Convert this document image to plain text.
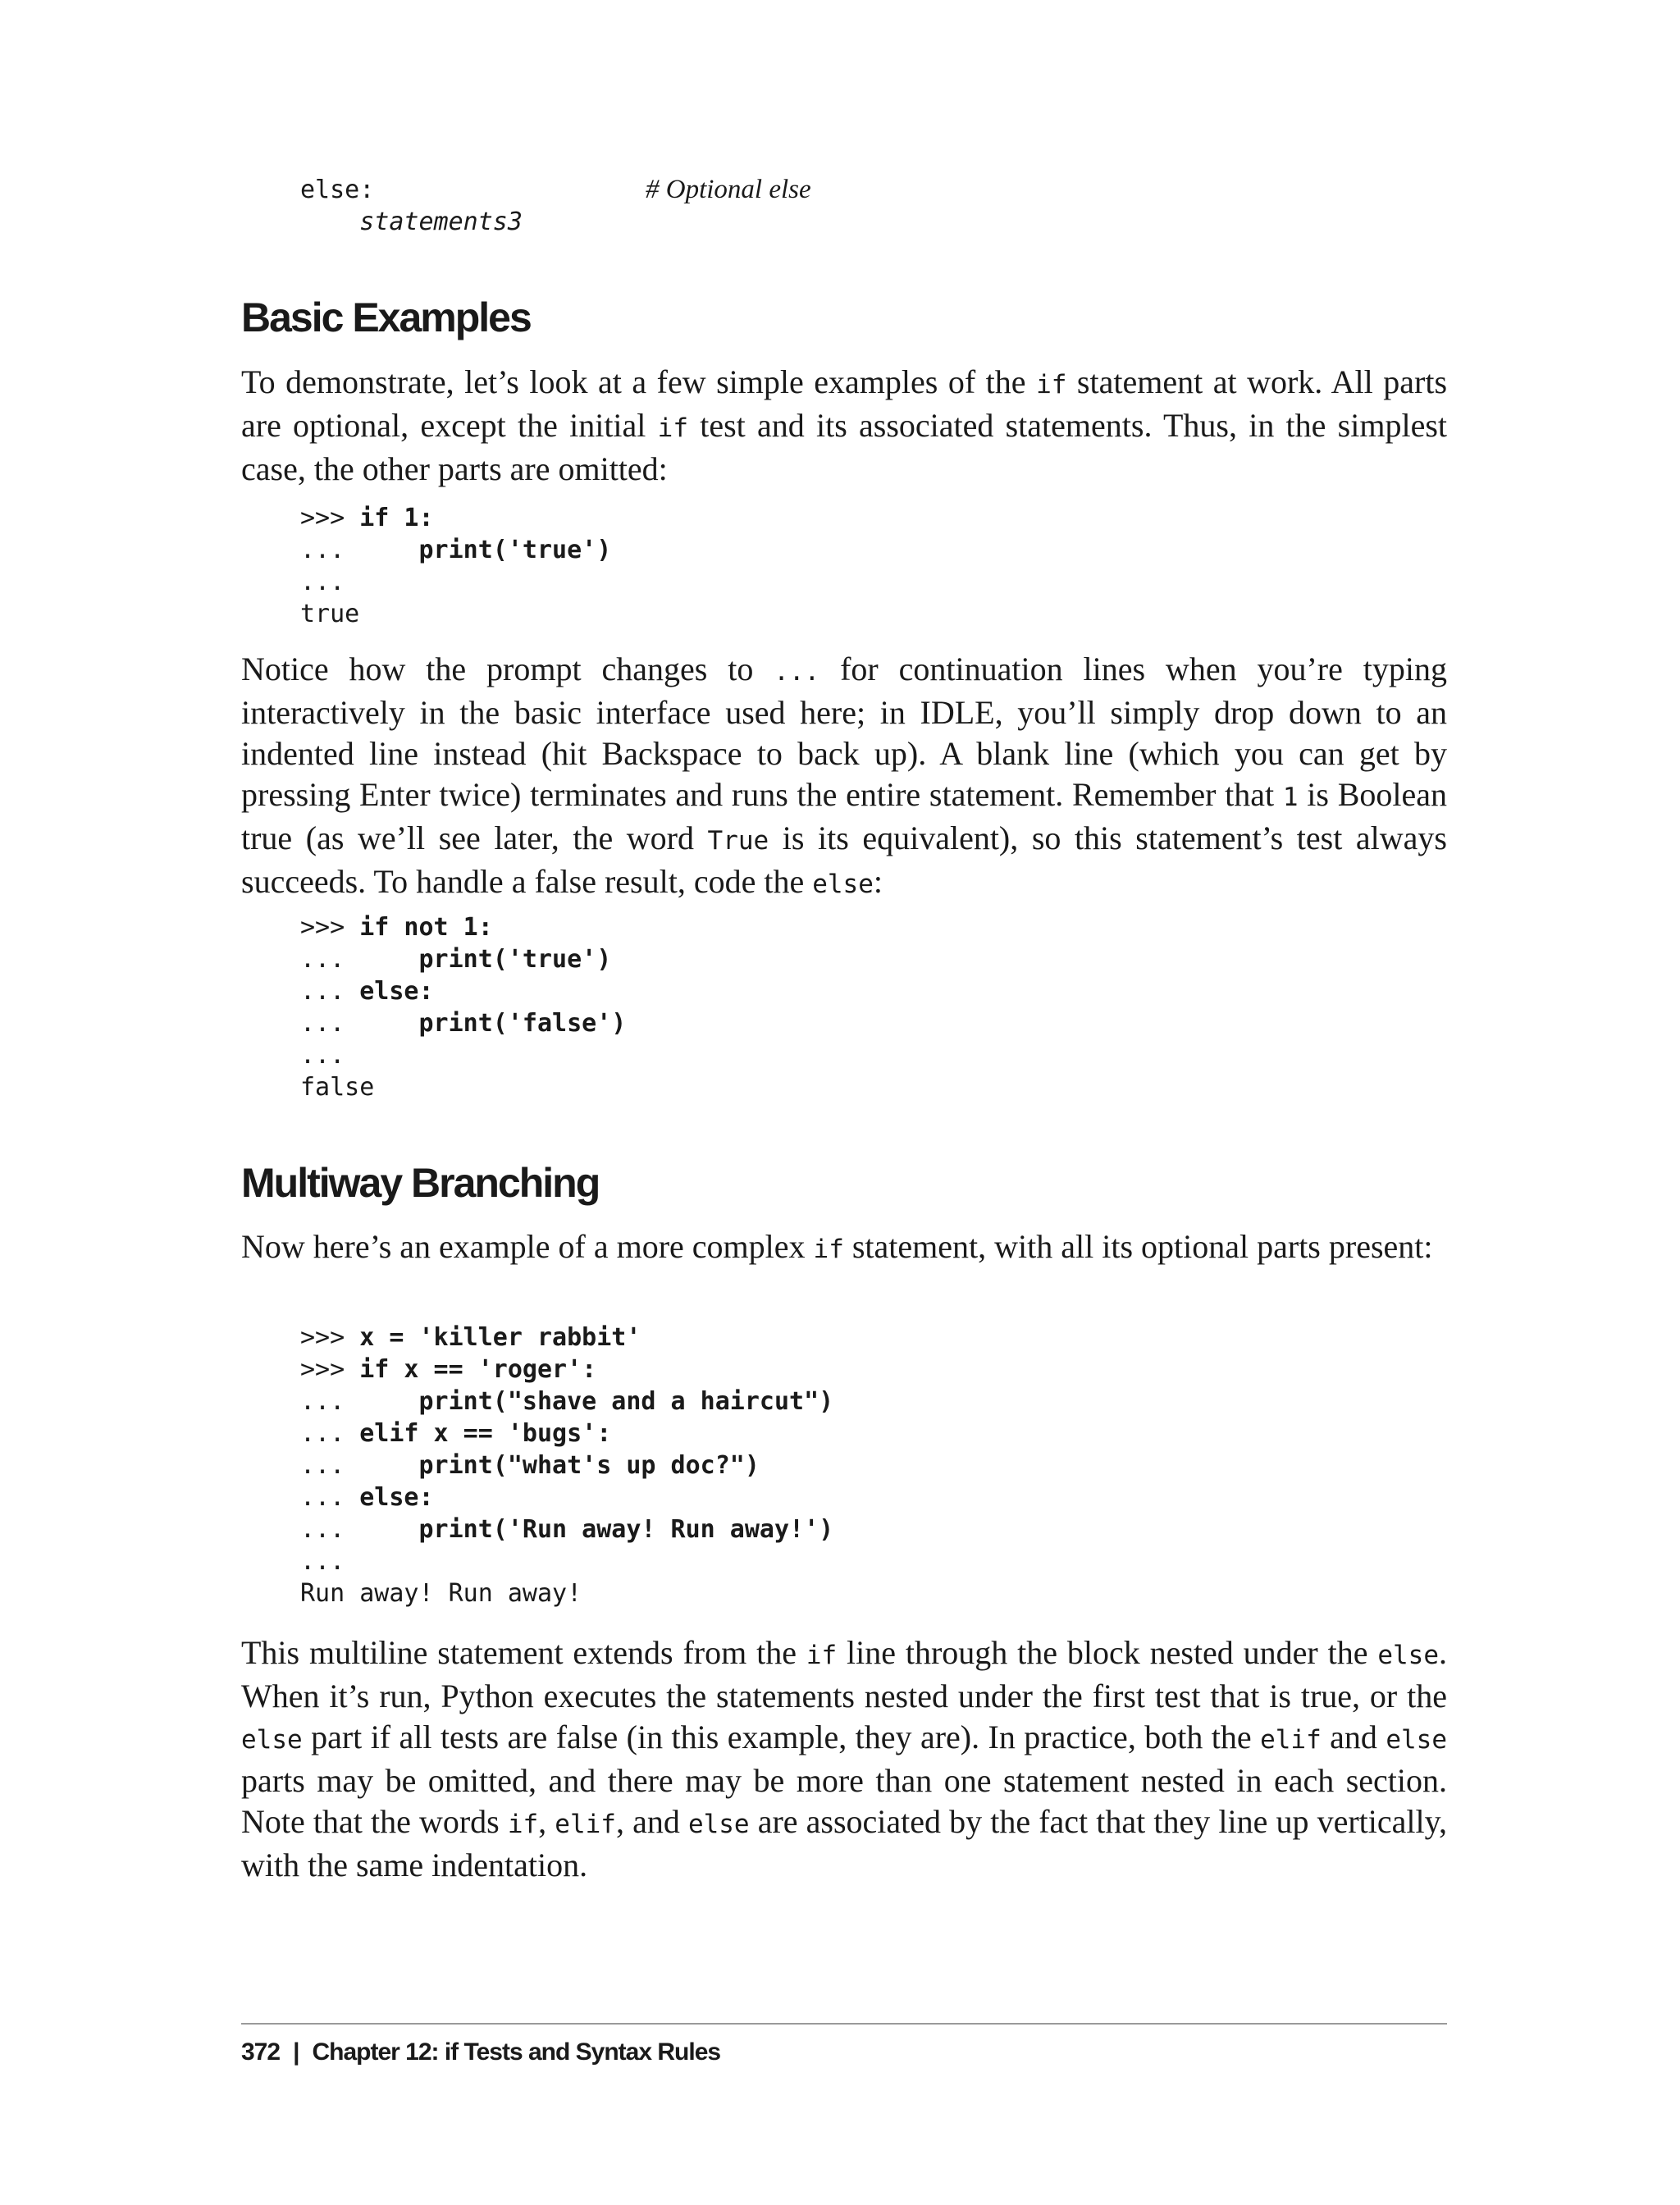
else:
statements3
# Optional else
Basic Examples

To demonstrate, let’s look at a few simple examples of the if statement at work. All parts are optional, except the initial if test and its associated statements. Thus, in the simplest case, the other parts are omitted:

>>> if 1:
...     print('true')
...
true

Notice how the prompt changes to ... for continuation lines when you’re typing interactively in the basic interface used here; in IDLE, you’ll simply drop down to an indented line instead (hit Backspace to back up). A blank line (which you can get by pressing Enter twice) terminates and runs the entire statement. Remember that 1 is Boolean true (as we’ll see later, the word True is its equivalent), so this statement’s test always succeeds. To handle a false result, code the else:

>>> if not 1:
...     print('true')
... else:
...     print('false')
...
false
Multiway Branching

Now here’s an example of a more complex if statement, with all its optional parts present:

>>> x = 'killer rabbit'
>>> if x == 'roger':
...     print("shave and a haircut")
... elif x == 'bugs':
...     print("what's up doc?")
... else:
...     print('Run away! Run away!')
...
Run away! Run away!

This multiline statement extends from the if line through the block nested under the else. When it’s run, Python executes the statements nested under the first test that is true, or the else part if all tests are false (in this example, they are). In practice, both the elif and else parts may be omitted, and there may be more than one statement nested in each section. Note that the words if, elif, and else are associated by the fact that they line up vertically, with the same indentation.

372 | Chapter 12: if Tests and Syntax Rules
